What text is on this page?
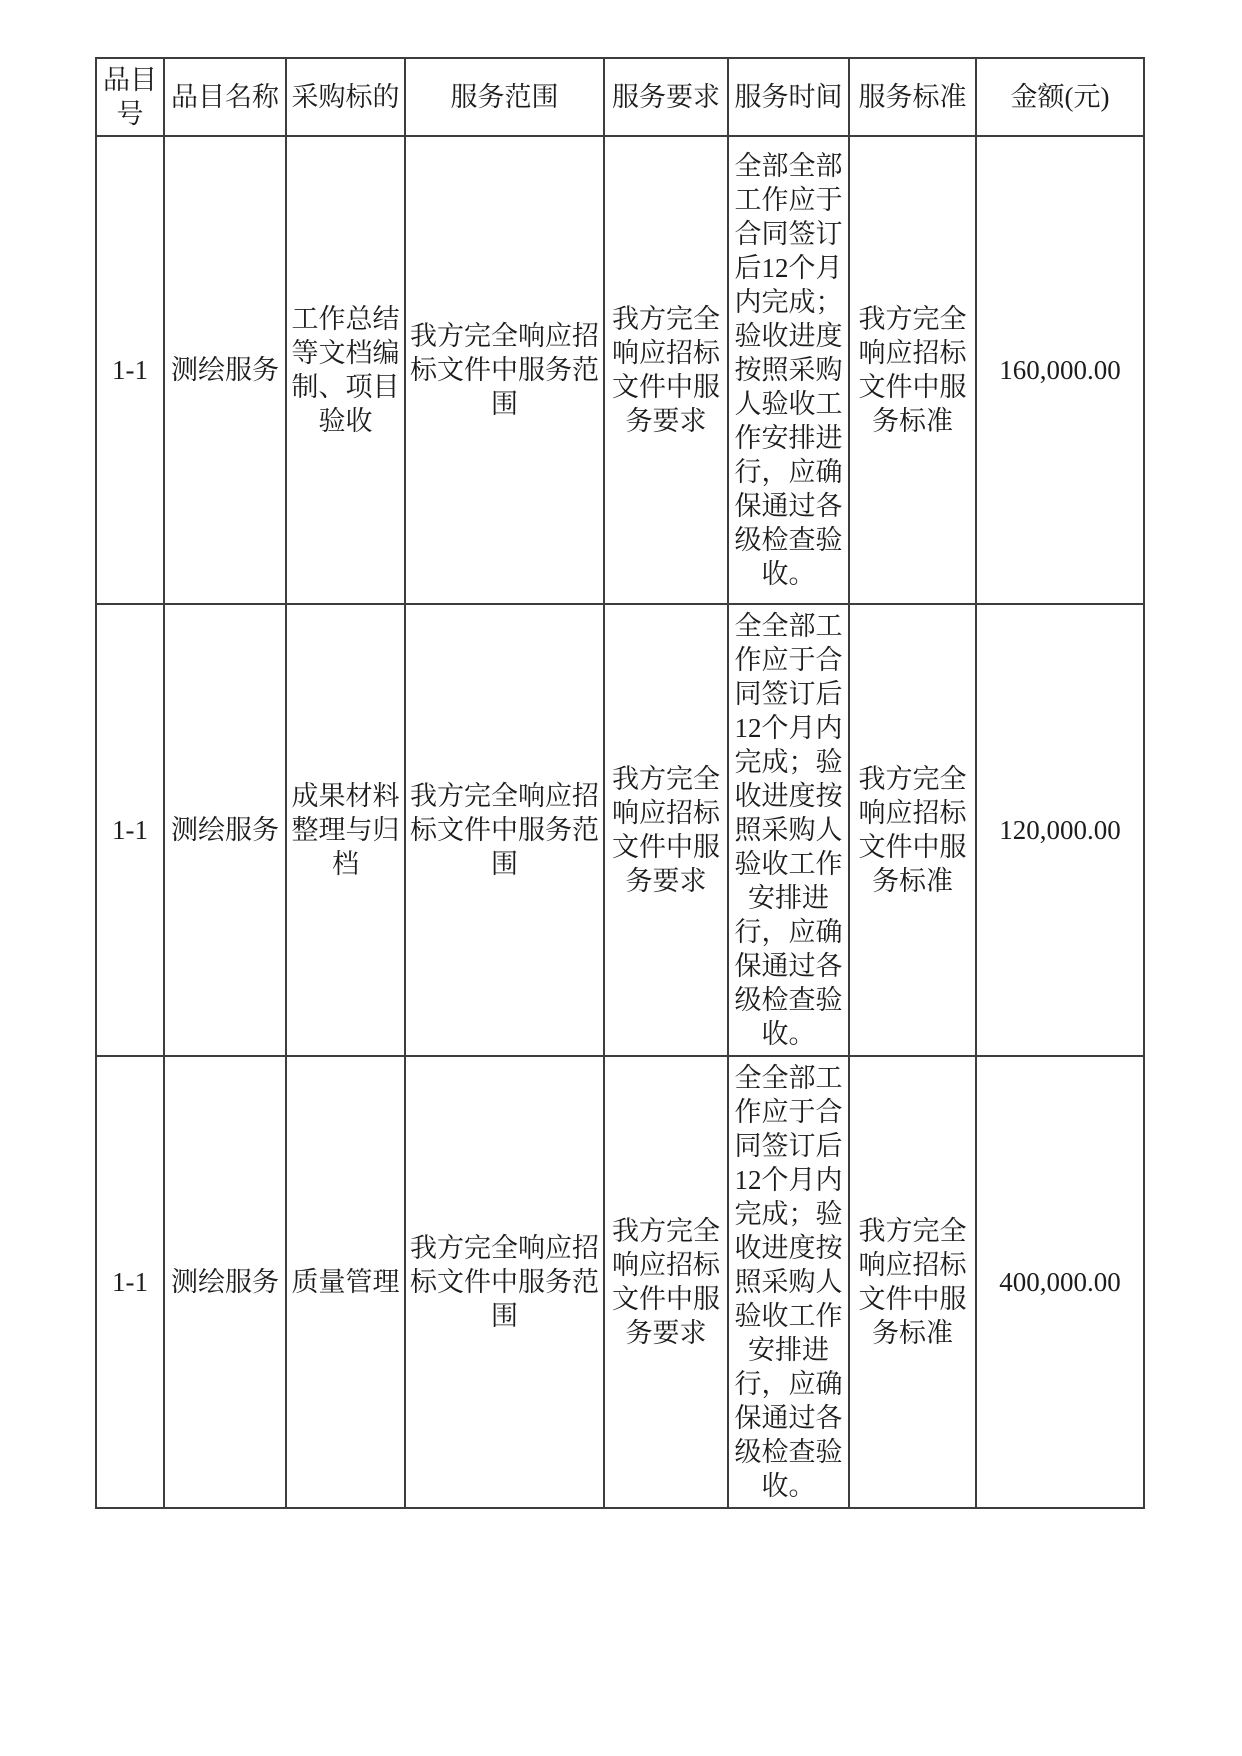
品目号	品目名称	采购标的	服务范围	服务要求	服务时间	服务标准	金额(元)
1-1	测绘服务	工作总结等文档编制、项目验收	我方完全响应招标文件中服务范围	我方完全响应招标文件中服务要求	全部全部工作应于合同签订后12个月内完成；验收进度按照采购人验收工作安排进行，应确保通过各级检查验收。	我方完全响应招标文件中服务标准	160,000.00
1-1	测绘服务	成果材料整理与归档	我方完全响应招标文件中服务范围	我方完全响应招标文件中服务要求	全全部工作应于合同签订后12个月内完成；验收进度按照采购人验收工作安排进行，应确保通过各级检查验收。	我方完全响应招标文件中服务标准	120,000.00
1-1	测绘服务	质量管理	我方完全响应招标文件中服务范围	我方完全响应招标文件中服务要求	全全部工作应于合同签订后12个月内完成；验收进度按照采购人验收工作安排进行，应确保通过各级检查验收。	我方完全响应招标文件中服务标准	400,000.00
